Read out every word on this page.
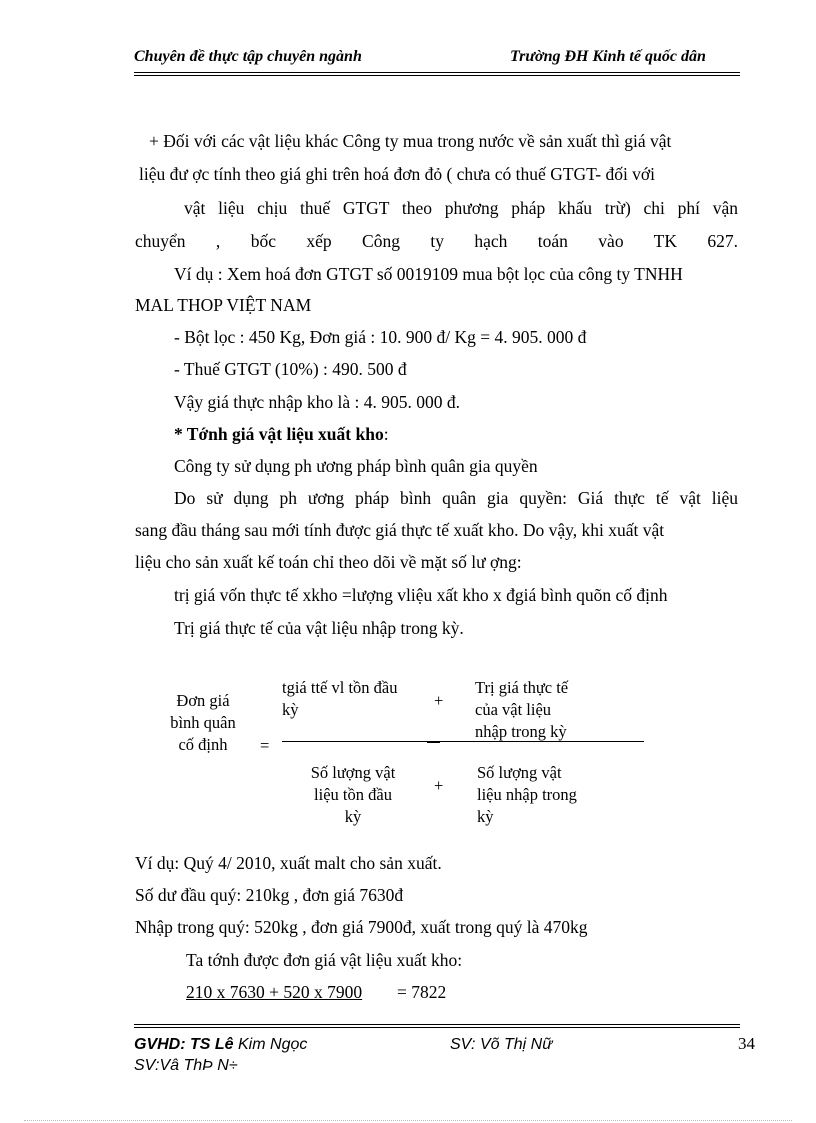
Chuyên đề thực tập chuyên ngành	Trường ĐH Kinh tế quốc dân
+ Đối với các vật liệu khác Công ty mua trong nước về sản xuất thì giá vật
liệu đư ợc tính theo giá ghi trên hoá đơn đỏ ( chưa có thuế GTGT- đối với
vật liệu chịu thuế GTGT theo phương pháp khấu trừ) chi phí vận
chuyển , bốc xếp Công ty hạch toán vào TK 627.
Ví dụ : Xem hoá đơn GTGT số 0019109 mua bột lọc của công ty TNHH
MAL THOP VIỆT NAM
- Bột lọc : 450 Kg, Đơn giá : 10. 900 đ/ Kg = 4. 905. 000 đ
- Thuế GTGT (10%) : 490. 500 đ
Vậy giá thực nhập kho là : 4. 905. 000 đ.
* Tớnh giá vật liệu xuất kho:
Công ty sử dụng ph ương pháp bình quân gia quyền
Do sử dụng ph ương pháp bình quân gia quyền: Giá thực tế vật liệu
sang đầu tháng sau mới tính được giá thực tế xuất kho. Do vậy, khi xuất vật
liệu cho sản xuất kế toán chỉ theo dõi về mặt số lư ợng:
trị giá vốn thực tế xkho =lượng vliệu xất kho x đgiá bình quõn cố định
Trị giá thực tế của vật liệu nhập trong kỳ.
Đơn giá
bình quân
cố định	=
tgiá ttế vl tồn đầu
kỳ	+
Trị giá thực tế
của vật liệu
nhập trong kỳ
Số lượng vật
liệu tồn đầu
kỳ
+
Số lượng vật
liệu nhập trong
kỳ
Ví dụ: Quý 4/ 2010, xuất malt cho sản xuất.
Số dư đầu quý: 210kg , đơn giá 7630đ
Nhập trong quý: 520kg , đơn giá 7900đ, xuất trong quý là 470kg
Ta tớnh được đơn giá vật liệu xuất kho:
210 x 7630 + 520 x 7900 = 7822
GVHD: TS Lê Kim Ngọc	SV: Võ Thị Nữ	34
SV:Vâ ThÞ N÷
